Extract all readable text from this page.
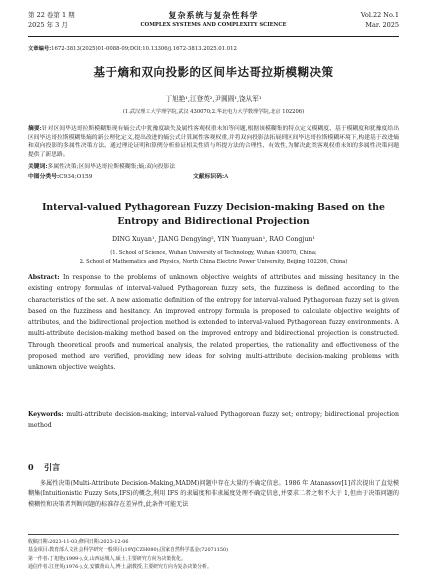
第 22 卷第 1 期
2025 年 3 月
复杂系统与复杂性科学
COMPLEX SYSTEMS AND COMPLEXITY SCIENCE
Vol.22 No.1
Mar. 2025
文章编号:1672-3813(2025)01-0088-09;DOI:10.13306/j.1672-3813.2025.01.012
基于熵和双向投影的区间毕达哥拉斯模糊决策
丁旭艳¹,江登英²,尹圆圆¹,饶从军¹
(1.武汉理工大学理学院,武汉 430070;2.华北电力大学数理学院,北京 102206)
摘要:针对区间毕达哥拉斯模糊集现有熵公式中犹豫度缺失及属性客观权重未知等问题,根据该模糊集的特点定义模糊度、基于模糊度和犹豫度给出区间毕达哥拉斯模糊集熵的新公理化定义,提出改进的熵公式计算属性客观权重,并将双向投影法拓展到区间毕达哥拉斯模糊环境下,构建基于改进熵和双向投影的多属性决策方法。通过理论证明和算例分析验证相关性质与所提方法的合理性、有效性,为解决此类客观权重未知的多属性决策问题提供了新思路。
关键词:多属性决策;区间毕达哥拉斯模糊集;熵;双向投影法
中图分类号:C934;O159	文献标识码:A
Interval-valued Pythagorean Fuzzy Decision-making Based on the Entropy and Bidirectional Projection
DING Xuyan¹, JIANG Dengying², YIN Yuanyuan¹, RAO Congjun¹
(1. School of Science, Wuhan University of Technology, Wuhan 430070, China;
2. School of Mathematics and Physics, North China Electric Power University, Beijing 102206, China)
Abstract: In response to the problems of unknown objective weights of attributes and missing hesitancy in the existing entropy formulas of interval-valued Pythagorean fuzzy sets, the fuzziness is defined according to the characteristics of the set. A new axiomatic definition of the entropy for interval-valued Pythagorean fuzzy set is given based on the fuzziness and hesitancy. An improved entropy formula is proposed to calculate objective weights of attributes, and the bidirectional projection method is extended to interval-valued Pythagorean fuzzy environments. A multi-attribute decision-making method based on the improved entropy and bidirectional projection is constructed. Through theoretical proofs and numerical analysis, the related properties, the rationality and effectiveness of the proposed method are verified, providing new ideas for solving multi-attribute decision-making problems with unknown objective weights.
Keywords: multi-attribute decision-making; interval-valued Pythagorean fuzzy set; entropy; bidirectional projection method
0 引言
多属性决策(Multi-Attribute Decision-Making,MADM)问题中存在大量的不确定信息。1986 年 Atanassov[1]首次提出了直觉模糊集(Intuitionistic Fuzzy Sets,IFS)的概念,利用 IFS 的隶属度和非隶属度处理不确定信息,并要求二者之和不大于 1,但由于决策问题的模糊性和决策者判断问题的标准存在差异性,此条件可能无法
收稿日期:2023-11-03;修回日期:2023-12-06
基金项目:教育部人文社会科学研究一般项目(19YJCZH080);国家自然科学基金(72071150)
第一作者:丁旭艳(1999-),女,山西运城人,硕士,主要研究方向为决策优化。
通信作者:江登英(1976-),女,安徽黄山人,博士,副教授,主要研究方向为复杂决策分析。
